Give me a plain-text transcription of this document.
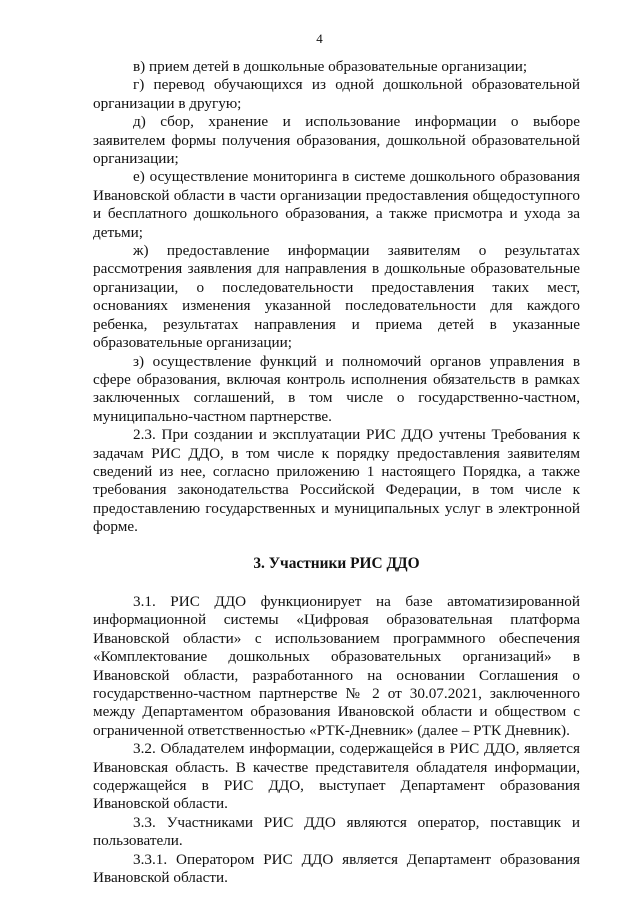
4

в) прием детей в дошкольные образовательные организации;

г) перевод обучающихся из одной дошкольной образовательной организации в другую;

д) сбор, хранение и использование информации о выборе заявителем формы получения образования, дошкольной образовательной организации;

е) осуществление мониторинга в системе дошкольного образования Ивановской области в части организации предоставления общедоступного и бесплатного дошкольного образования, а также присмотра и ухода за детьми;

ж) предоставление информации заявителям о результатах рассмотрения заявления для направления в дошкольные образовательные организации, о последовательности предоставления таких мест, основаниях изменения указанной последовательности для каждого ребенка, результатах направления и приема детей в указанные образовательные организации;

з) осуществление функций и полномочий органов управления в сфере образования, включая контроль исполнения обязательств в рамках заключенных соглашений, в том числе о государственно-частном, муниципально-частном партнерстве.

2.3. При создании и эксплуатации РИС ДДО учтены Требования к задачам РИС ДДО, в том числе к порядку предоставления заявителям сведений из нее, согласно приложению 1 настоящего Порядка, а также требования законодательства Российской Федерации, в том числе к предоставлению государственных и муниципальных услуг в электронной форме.

3. Участники РИС ДДО

3.1. РИС ДДО функционирует на базе автоматизированной информационной системы «Цифровая образовательная платформа Ивановской области» с использованием программного обеспечения «Комплектование дошкольных образовательных организаций» в Ивановской области, разработанного на основании Соглашения о государственно-частном партнерстве № 2 от 30.07.2021, заключенного между Департаментом образования Ивановской области и обществом с ограниченной ответственностью «РТК-Дневник» (далее – РТК Дневник).

3.2. Обладателем информации, содержащейся в РИС ДДО, является Ивановская область. В качестве представителя обладателя информации, содержащейся в РИС ДДО, выступает Департамент образования Ивановской области.

3.3. Участниками РИС ДДО являются оператор, поставщик и пользователи.

3.3.1. Оператором РИС ДДО является Департамент образования Ивановской области.
